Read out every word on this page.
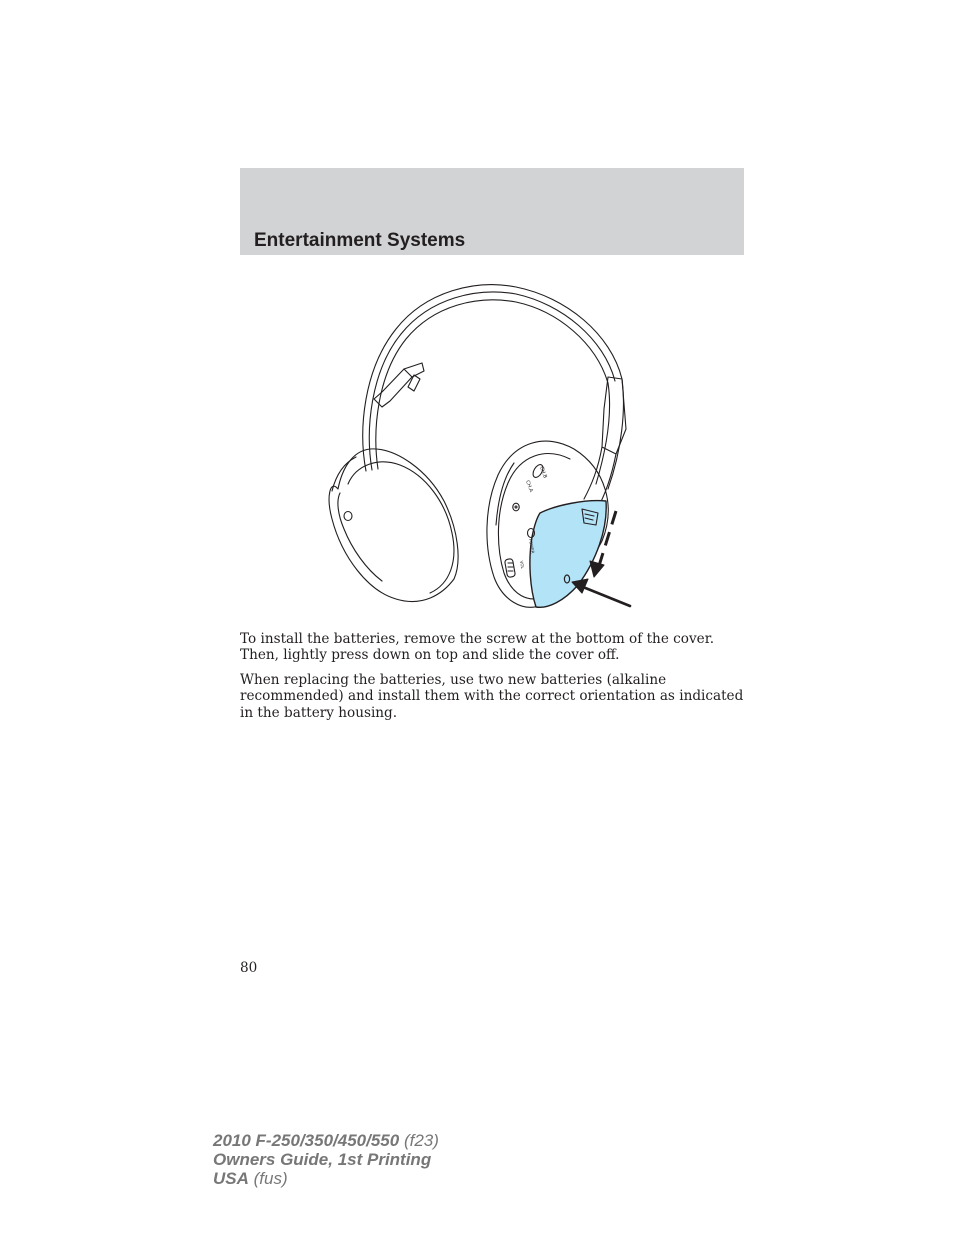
Entertainment Systems
CH.B
CH.A
POWER
VOL

To install the batteries, remove the screw at the bottom of the cover. Then, lightly press down on top and slide the cover off.

When replacing the batteries, use two new batteries (alkaline recommended) and install them with the correct orientation as indicated in the battery housing.

80
2010 F-250/350/450/550 (f23)
Owners Guide, 1st Printing
USA (fus)
